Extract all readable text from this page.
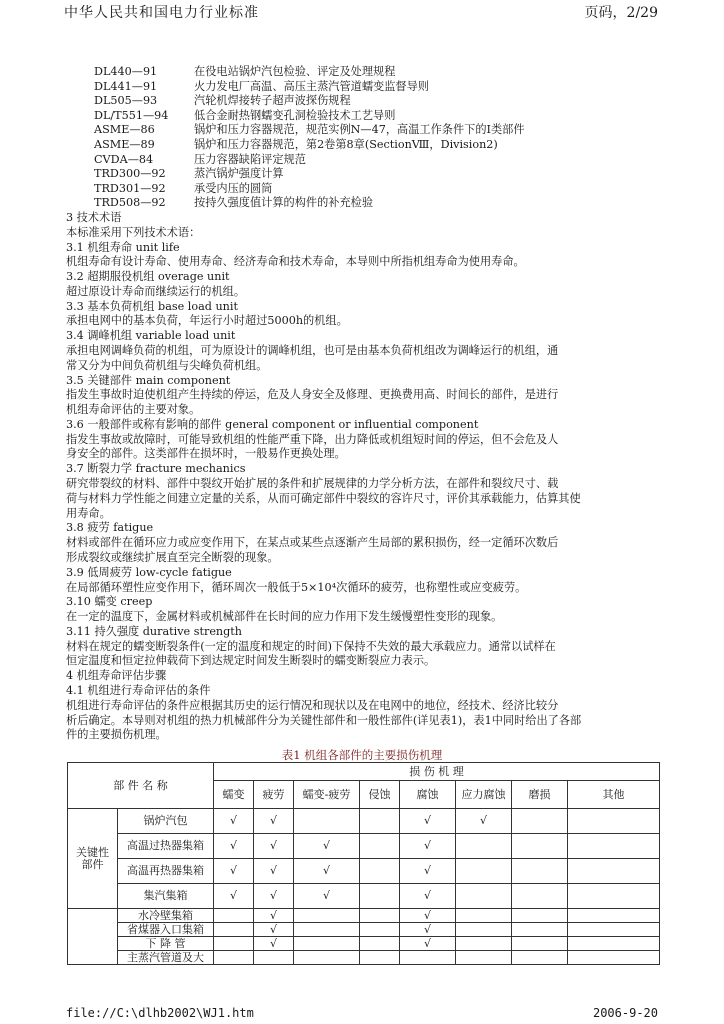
中华人民共和国电力行业标准	页码，2/29
DL440—91	在役电站锅炉汽包检验、评定及处理规程
DL441—91	火力发电厂高温、高压主蒸汽管道蠕变监督导则
DL505—93	汽轮机焊接转子超声波探伤规程
DL/T551—94 低合金耐热钢蠕变孔洞检验技术工艺导则
ASME—86	锅炉和压力容器规范，规范实例N—47，高温工作条件下的Ⅰ类部件
ASME—89	锅炉和压力容器规范，第2卷第8章(SectionⅧ，Division2)
CVDA—84	压力容器缺陷评定规范
TRD300—92	蒸汽锅炉强度计算
TRD301—92	承受内压的圆筒
TRD508—92	按持久强度值计算的构件的补充检验
3 技术术语
本标准采用下列技术术语：
3.1 机组寿命 unit life
机组寿命有设计寿命、使用寿命、经济寿命和技术寿命，本导则中所指机组寿命为使用寿命。
3.2 超期服役机组 overage unit
超过原设计寿命而继续运行的机组。
3.3 基本负荷机组 base load unit
承担电网中的基本负荷，年运行小时超过5000h的机组。
3.4 调峰机组 variable load unit
承担电网调峰负荷的机组，可为原设计的调峰机组，也可是由基本负荷机组改为调峰运行的机组，通
常又分为中间负荷机组与尖峰负荷机组。
3.5 关键部件 main component
指发生事故时迫使机组产生持续的停运，危及人身安全及修理、更换费用高、时间长的部件，是进行
机组寿命评估的主要对象。
3.6 一般部件或称有影响的部件 general component or influential component
指发生事故或故障时，可能导致机组的性能严重下降，出力降低或机组短时间的停运，但不会危及人
身安全的部件。这类部件在损坏时，一般易作更换处理。
3.7 断裂力学 fracture mechanics
研究带裂纹的材料、部件中裂纹开始扩展的条件和扩展规律的力学分析方法，在部件和裂纹尺寸、载
荷与材料力学性能之间建立定量的关系，从而可确定部件中裂纹的容许尺寸，评价其承载能力，估算其使
用寿命。
3.8 疲劳 fatigue
材料或部件在循环应力或应变作用下，在某点或某些点逐渐产生局部的累积损伤，经一定循环次数后
形成裂纹或继续扩展直至完全断裂的现象。
3.9 低周疲劳 low-cycle fatigue
在局部循环塑性应变作用下，循环周次一般低于5×10⁴次循环的疲劳，也称塑性或应变疲劳。
3.10 蠕变 creep
在一定的温度下，金属材料或机械部件在长时间的应力作用下发生缓慢塑性变形的现象。
3.11 持久强度 durative strength
材料在规定的蠕变断裂条件(一定的温度和规定的时间)下保持不失效的最大承载应力。通常以试样在
恒定温度和恒定拉伸载荷下到达规定时间发生断裂时的蠕变断裂应力表示。
4 机组寿命评估步骤
4.1 机组进行寿命评估的条件
机组进行寿命评估的条件应根据其历史的运行情况和现状以及在电网中的地位，经技术、经济比较分
析后确定。本导则对机组的热力机械部件分为关键性部件和一般性部件(详见表1)，表1中同时给出了各部
件的主要损伤机理。
表1 机组各部件的主要损伤机理
部 件 名 称		损 伤 机 理							
		蠕变	疲劳	蠕变-疲劳	侵蚀	腐蚀	应力腐蚀	磨损	其他
关键性部件	锅炉汽包	√	√			√	√		
	高温过热器集箱	√	√	√		√			
	高温再热器集箱	√	√	√		√			
	集汽集箱	√	√	√		√			
	水冷壁集箱		√			√			
	省煤器入口集箱		√			√			
	下 降 管		√			√			
	主蒸汽管道及大								
file://C:\dlhb2002\WJ1.htm	2006-9-20
